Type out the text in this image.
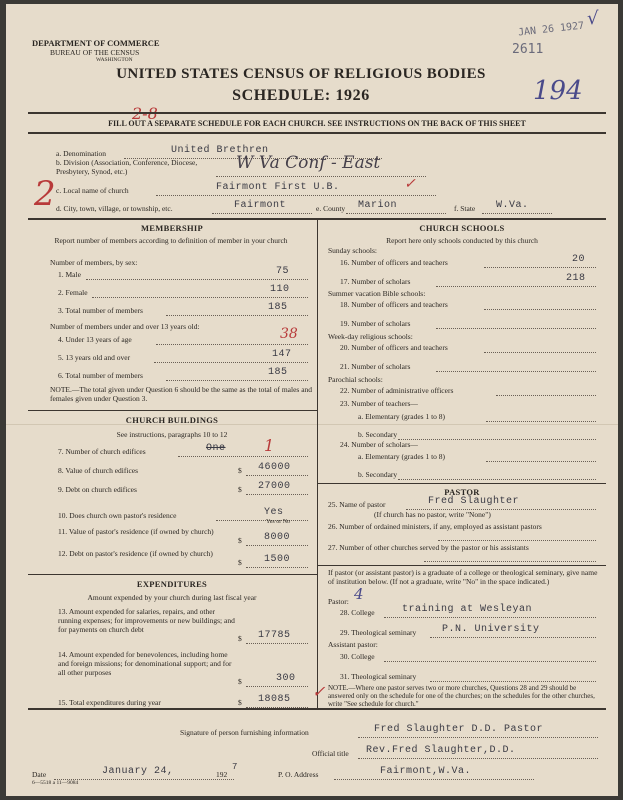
DEPARTMENT OF COMMERCE
BUREAU OF THE CENSUS
WASHINGTON
JAN 26 1927
√
2611
194
UNITED STATES CENSUS OF RELIGIOUS BODIES
SCHEDULE: 1926
FILL OUT A SEPARATE SCHEDULE FOR EACH CHURCH. SEE INSTRUCTIONS ON THE BACK OF THIS SHEET
2
a. Denomination	United Brethren
b. Division (Association, Conference, Diocese, Presbytery, Synod, etc.)	W Va Conf - East
c. Local name of church	Fairmont First U.B.	✓
d. City, town, village, or township, etc.	Fairmont	e. County Marion	f. State W.Va.
MEMBERSHIP
Report number of members according to definition of member in your church
Number of members, by sex:
1. Male	75
2. Female	110
3. Total number of members	185
Number of members under and over 13 years old:
4. Under 13 years of age	38
5. 13 years old and over	147
6. Total number of members	185
NOTE.—The total given under Question 6 should be the same as the total of males and females given under Question 3.
CHURCH BUILDINGS
See instructions, paragraphs 10 to 12
7. Number of church edifices	One 1
8. Value of church edifices	$ 46000
9. Debt on church edifices	$ 27000
10. Does church own pastor's residence	Yes
Yes or No
11. Value of pastor's residence (if owned by church)
$ 8000
12. Debt on pastor's residence (if owned by church)
$ 1500
EXPENDITURES
Amount expended by your church during last fiscal year
13. Amount expended for salaries, repairs, and other running expenses; for improvements or new buildings; and for payments on church debt
$ 17785
14. Amount expended for benevolences, including home and foreign missions; for denominational support; and for all other purposes
$	300
15. Total expenditures during year	$ 18085 ✓
CHURCH SCHOOLS
Report here only schools conducted by this church
Sunday schools:
16. Number of officers and teachers	20
17. Number of scholars	218
Summer vacation Bible schools:
18. Number of officers and teachers
19. Number of scholars
Week-day religious schools:
20. Number of officers and teachers
21. Number of scholars
Parochial schools:
22. Number of administrative officers
23. Number of teachers—
a. Elementary (grades 1 to 8)
b. Secondary
24. Number of scholars—
a. Elementary (grades 1 to 8)
b. Secondary
PASTOR
25. Name of pastor	Fred Slaughter
(If church has no pastor, write "None")
26. Number of ordained ministers, if any, employed as assistant pastors
27. Number of other churches served by the pastor or his assistants
If pastor (or assistant pastor) is a graduate of a college or theological seminary, give name of institution below. (If not a graduate, write "No" in the space indicated.)
Pastor: 4
28. College	training at Wesleyan
29. Theological seminary	P.N. University
Assistant pastor:
30. College
31. Theological seminary
NOTE.—Where one pastor serves two or more churches, Questions 28 and 29 should be answered only on the schedule for one of the churches; on the schedules for the other churches, write "See schedule for church."
Signature of person furnishing information	Fred Slaughter D.D. Pastor
Official title Rev.Fred Slaughter,D.D.
Date	January 24,	192
7
P. O. Address	Fairmont,W.Va.
6—5518 a 11—9084
